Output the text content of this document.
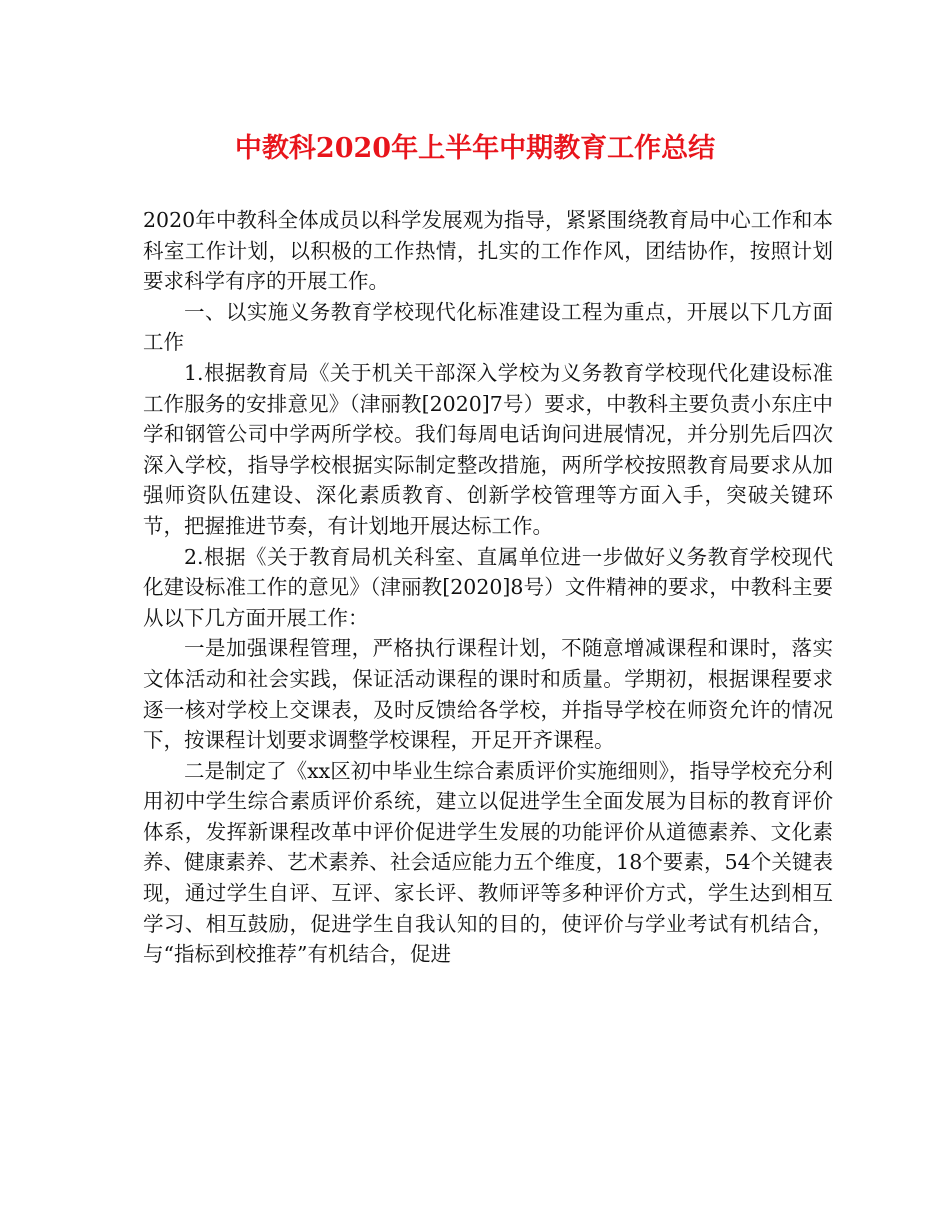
中教科2020年上半年中期教育工作总结

2020年中教科全体成员以科学发展观为指导，紧紧围绕教育局中心工作和本科室工作计划，以积极的工作热情，扎实的工作作风，团结协作，按照计划要求科学有序的开展工作。

一、以实施义务教育学校现代化标准建设工程为重点，开展以下几方面工作

1.根据教育局《关于机关干部深入学校为义务教育学校现代化建设标准工作服务的安排意见》（津丽教[2020]7号）要求，中教科主要负责小东庄中学和钢管公司中学两所学校。我们每周电话询问进展情况，并分别先后四次深入学校，指导学校根据实际制定整改措施，两所学校按照教育局要求从加强师资队伍建设、深化素质教育、创新学校管理等方面入手，突破关键环节，把握推进节奏，有计划地开展达标工作。

2.根据《关于教育局机关科室、直属单位进一步做好义务教育学校现代化建设标准工作的意见》（津丽教[2020]8号）文件精神的要求，中教科主要从以下几方面开展工作：

一是加强课程管理，严格执行课程计划，不随意增减课程和课时，落实文体活动和社会实践，保证活动课程的课时和质量。学期初，根据课程要求逐一核对学校上交课表，及时反馈给各学校，并指导学校在师资允许的情况下，按课程计划要求调整学校课程，开足开齐课程。

二是制定了《xx区初中毕业生综合素质评价实施细则》，指导学校充分利用初中学生综合素质评价系统，建立以促进学生全面发展为目标的教育评价体系，发挥新课程改革中评价促进学生发展的功能评价从道德素养、文化素养、健康素养、艺术素养、社会适应能力五个维度，18个要素，54个关键表现，通过学生自评、互评、家长评、教师评等多种评价方式，学生达到相互学习、相互鼓励，促进学生自我认知的目的，使评价与学业考试有机结合，与“指标到校推荐”有机结合，促进
